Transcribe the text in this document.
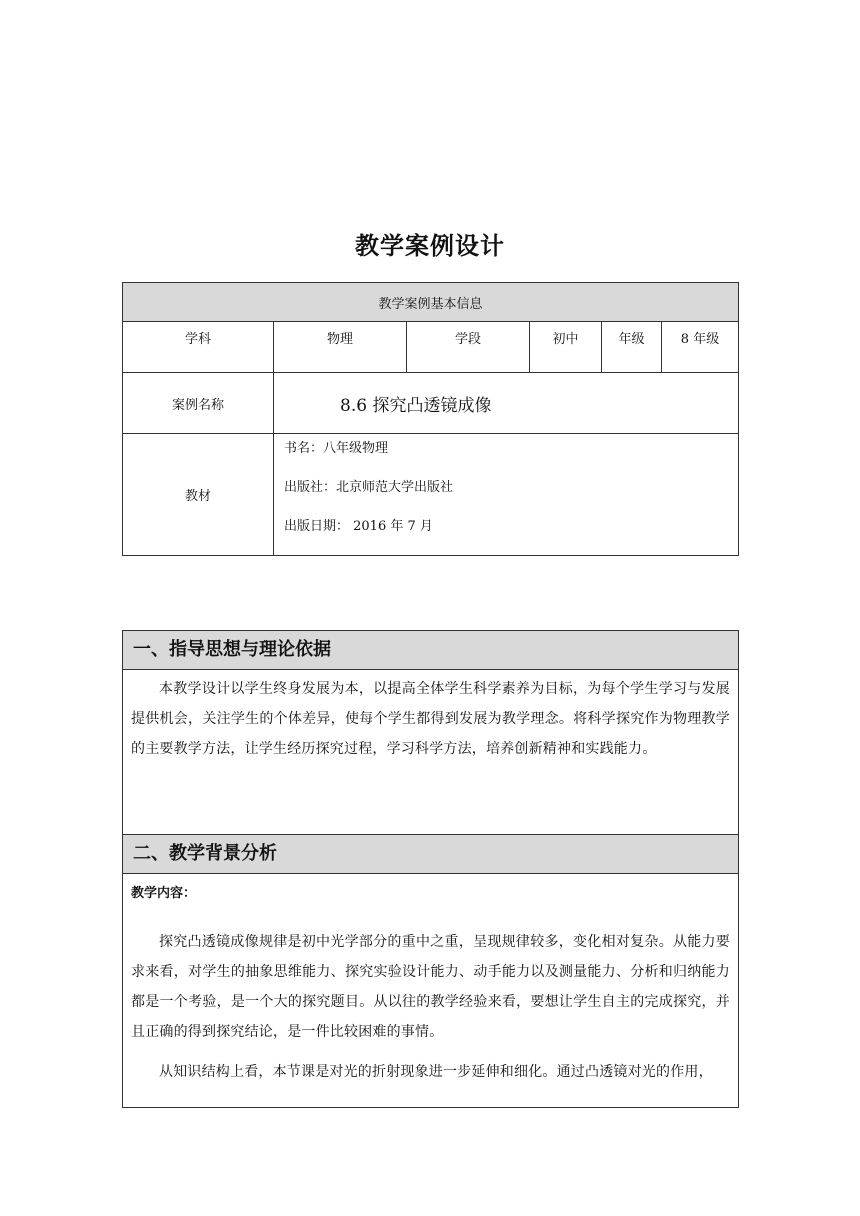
教学案例设计
教学案例基本信息					
学科	物理	学段	初中	年级	8 年级
案例名称	8.6 探究凸透镜成像				
教材	书名：八年级物理
出版社：北京师范大学出版社
出版日期： 2016 年 7 月				
一、指导思想与理论依据
本教学设计以学生终身发展为本，以提高全体学生科学素养为目标，为每个学生学习与发展提供机会，关注学生的个体差异，使每个学生都得到发展为教学理念。将科学探究作为物理教学的主要教学方法，让学生经历探究过程，学习科学方法，培养创新精神和实践能力。
二、教学背景分析
教学内容：
探究凸透镜成像规律是初中光学部分的重中之重，呈现规律较多，变化相对复杂。从能力要求来看，对学生的抽象思维能力、探究实验设计能力、动手能力以及测量能力、分析和归纳能力都是一个考验，是一个大的探究题目。从以往的教学经验来看，要想让学生自主的完成探究，并且正确的得到探究结论，是一件比较困难的事情。
从知识结构上看，本节课是对光的折射现象进一步延伸和细化。通过凸透镜对光的作用，
